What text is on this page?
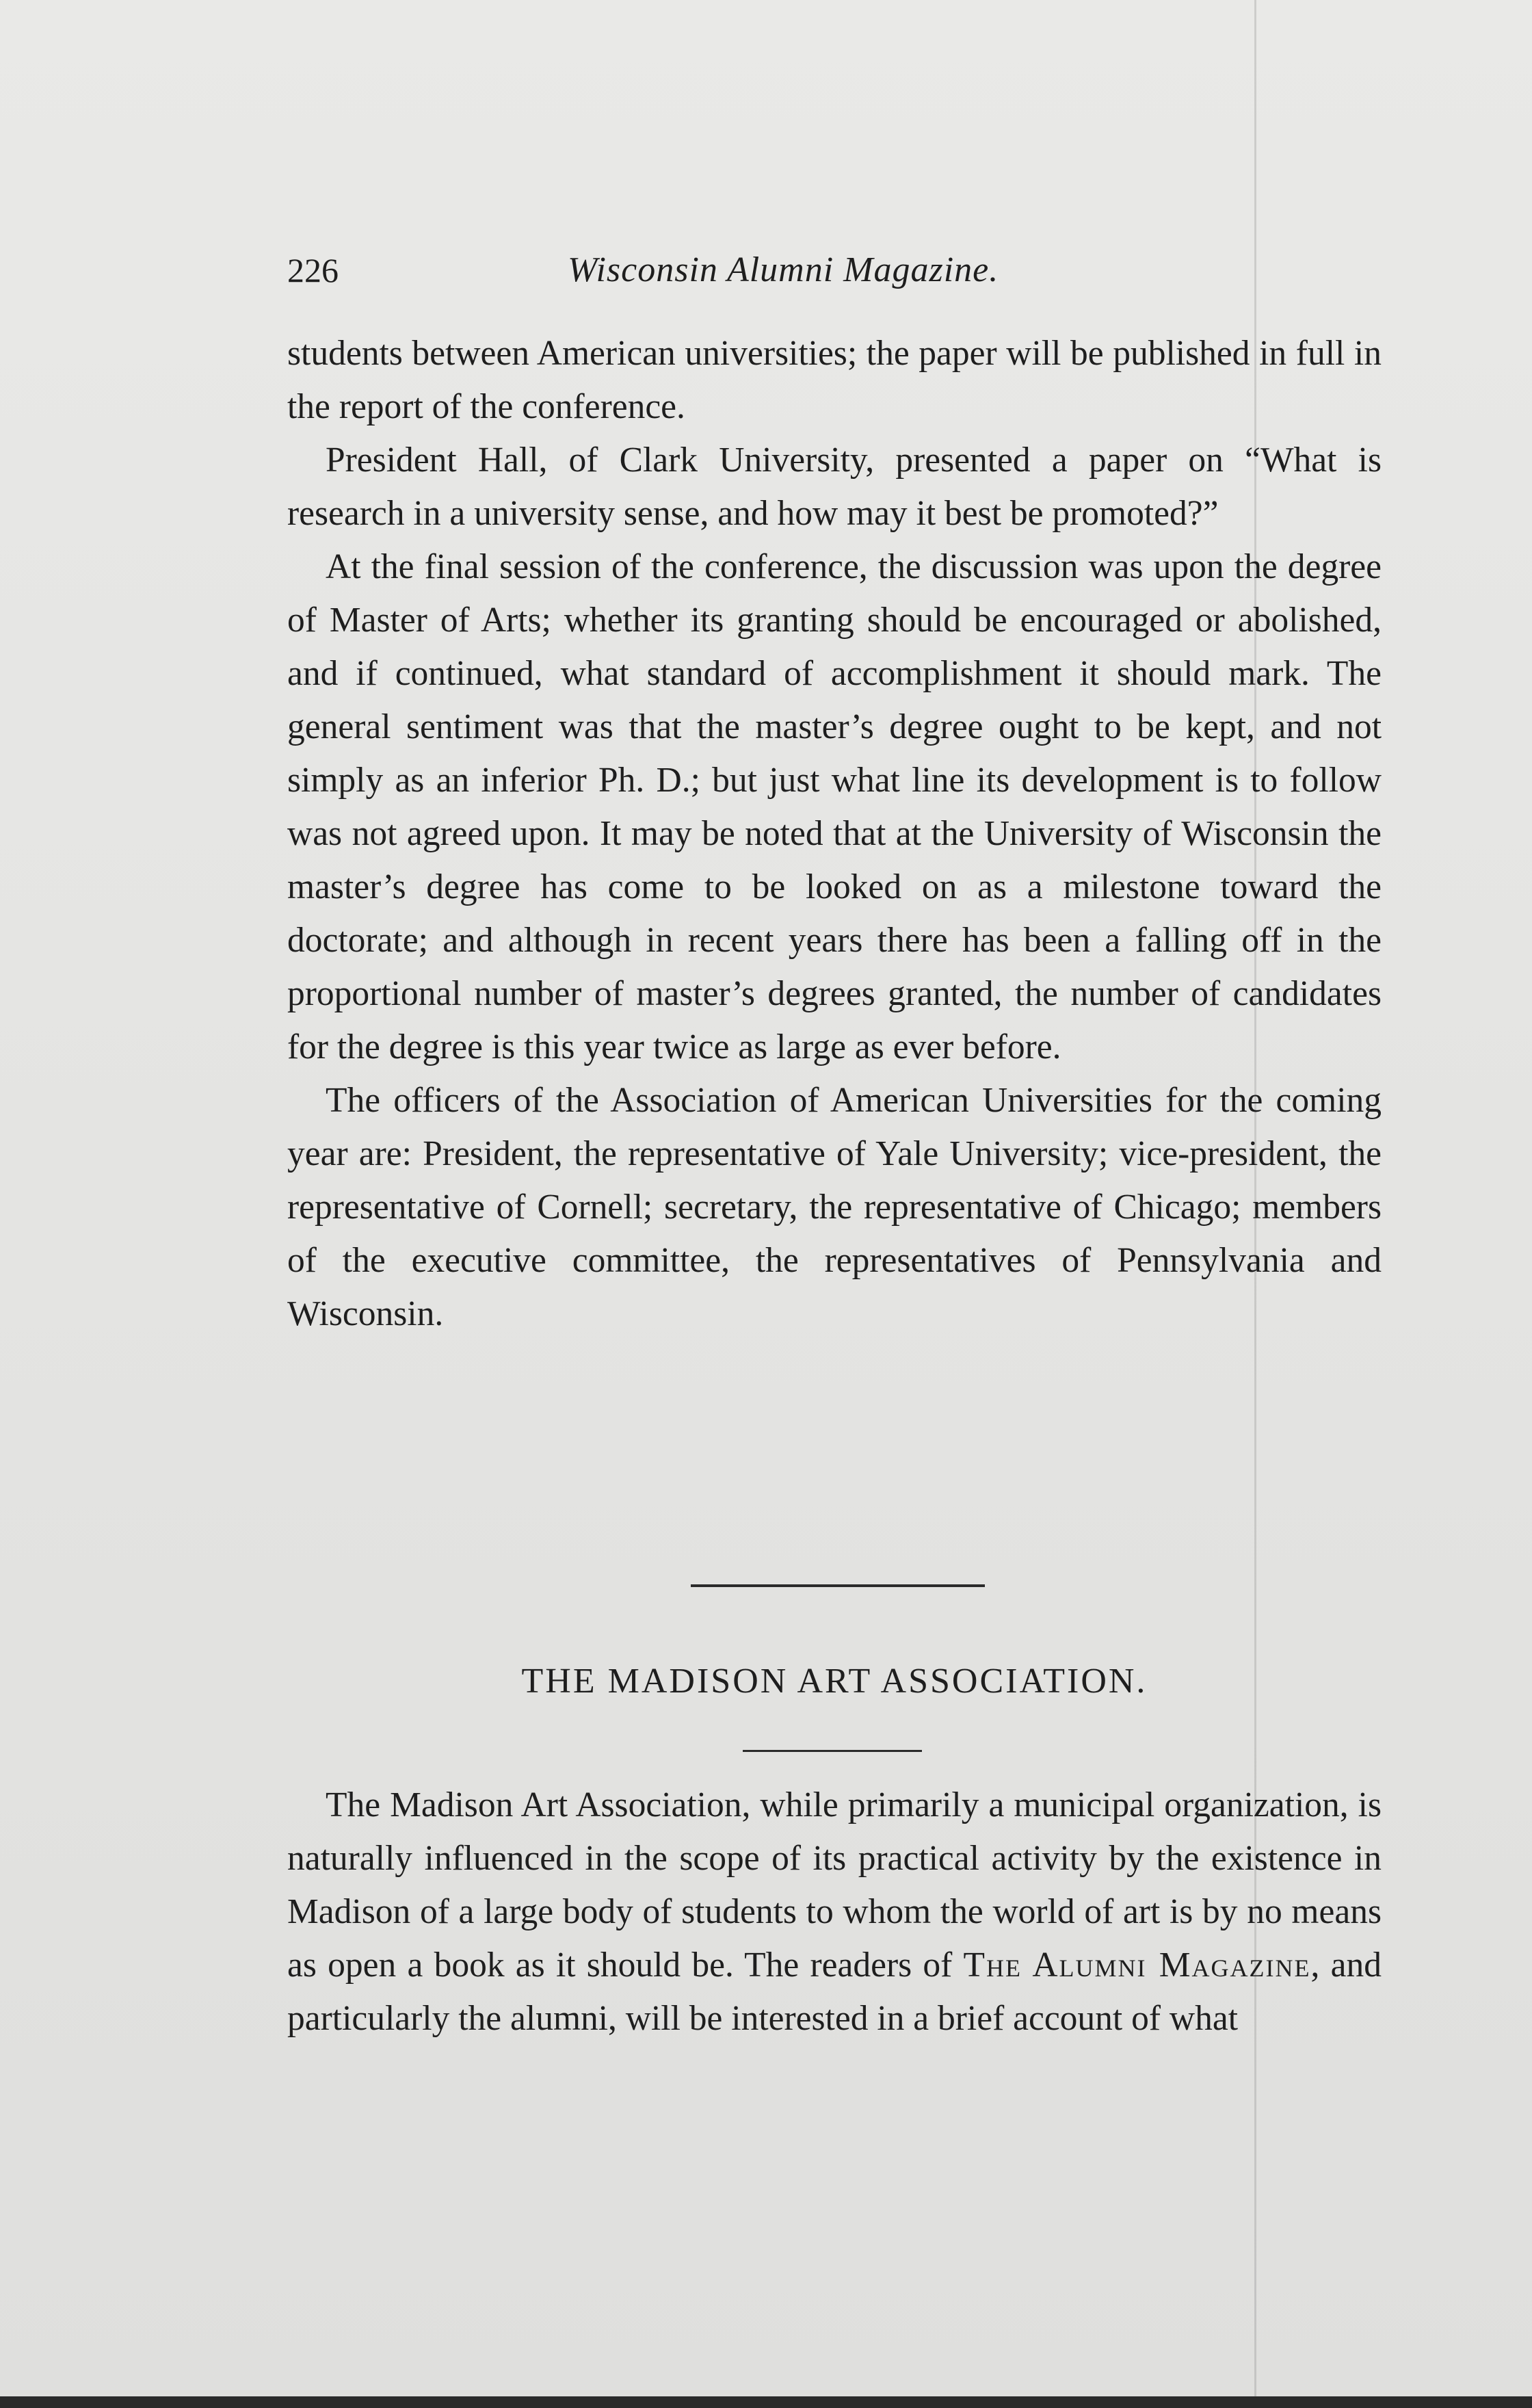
226	Wisconsin Alumni Magazine.

students between American universities; the paper will be published in full in the report of the conference.

President Hall, of Clark University, presented a paper on “What is research in a university sense, and how may it best be promoted?”

At the final session of the conference, the discussion was upon the degree of Master of Arts; whether its granting should be encouraged or abolished, and if continued, what standard of accomplishment it should mark. The general sentiment was that the master’s degree ought to be kept, and not simply as an inferior Ph. D.; but just what line its development is to follow was not agreed upon. It may be noted that at the University of Wisconsin the master’s degree has come to be looked on as a milestone toward the doctorate; and although in recent years there has been a falling off in the proportional number of master’s degrees granted, the number of candidates for the degree is this year twice as large as ever before.

The officers of the Association of American Universities for the coming year are: President, the representative of Yale University; vice-president, the representative of Cornell; secretary, the representative of Chicago; members of the executive committee, the representatives of Pennsylvania and Wisconsin.

THE MADISON ART ASSOCIATION.

The Madison Art Association, while primarily a municipal organization, is naturally influenced in the scope of its practical activity by the existence in Madison of a large body of students to whom the world of art is by no means as open a book as it should be. The readers of The Alumni Magazine, and particularly the alumni, will be interested in a brief account of what
